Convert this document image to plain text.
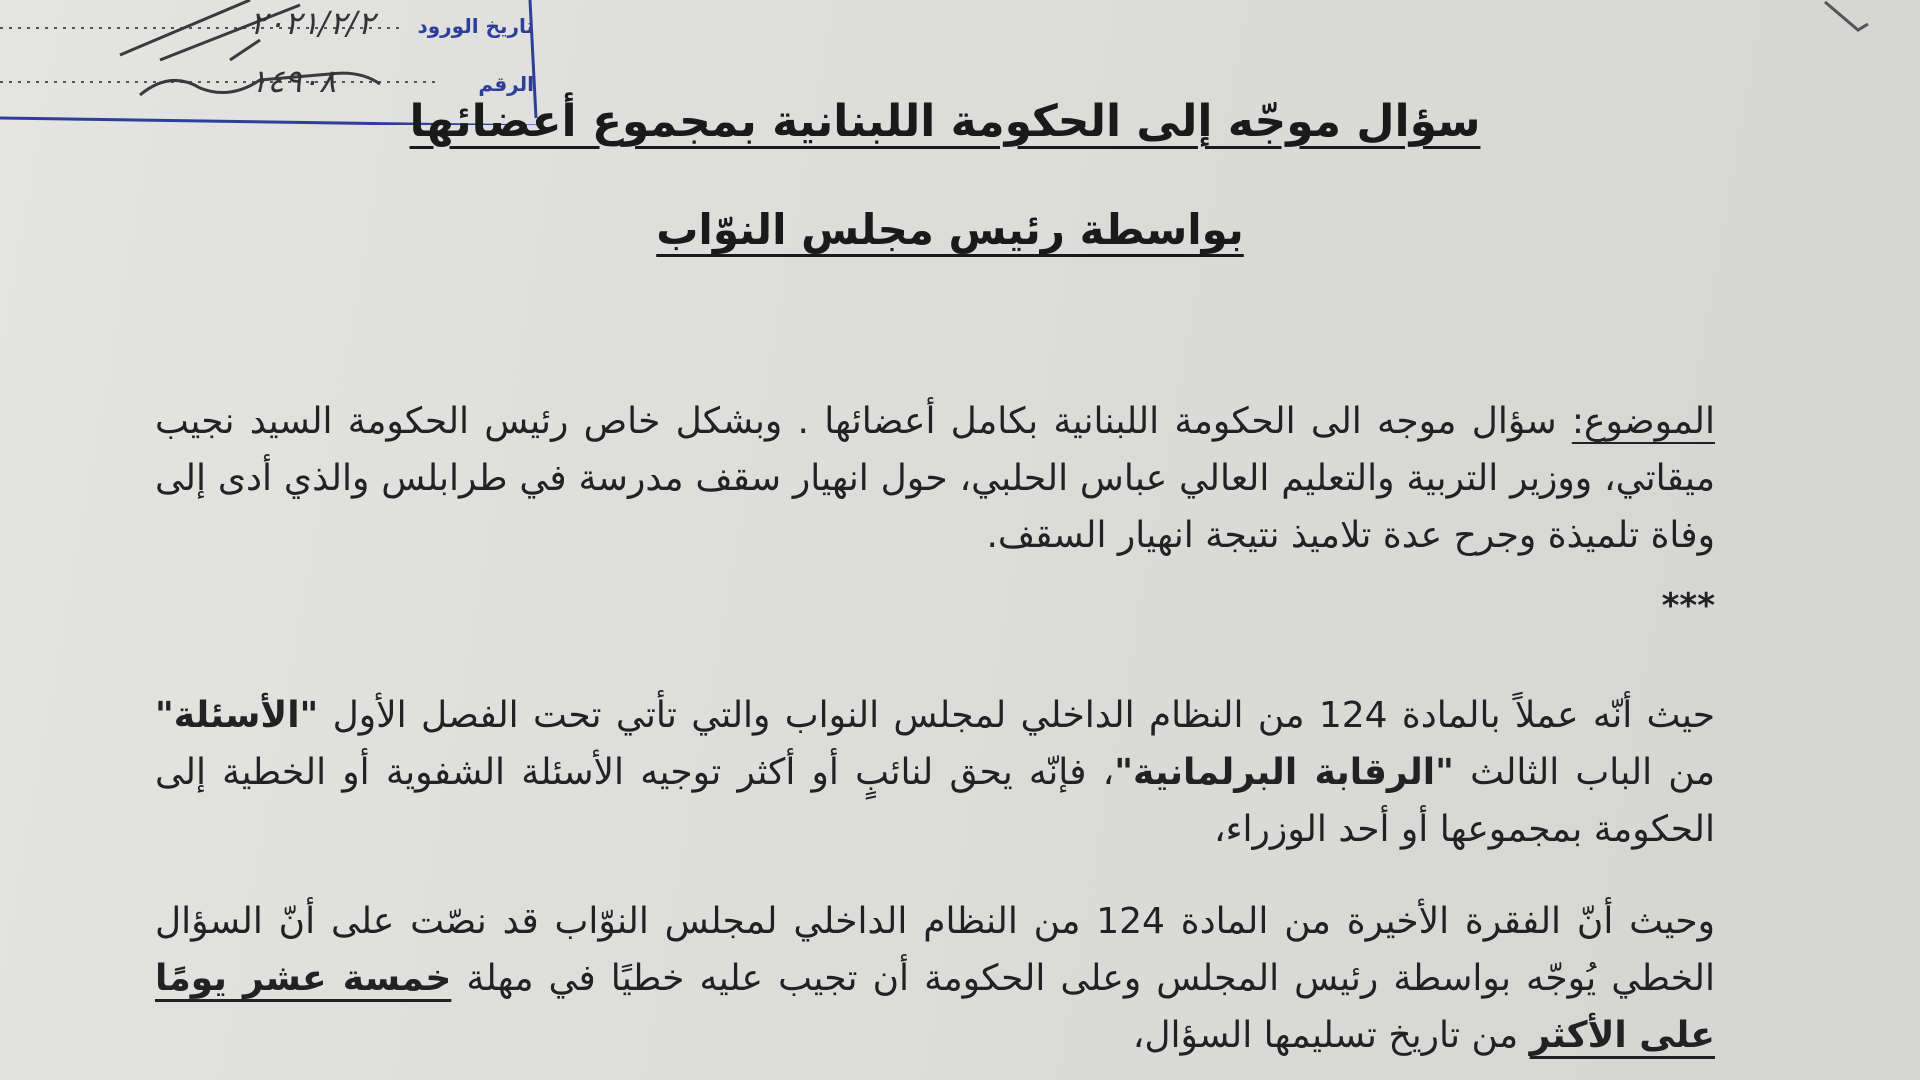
تاريخ الورود
الرقم
٢٠٢١/٢/٢
١٤٩٠٨
سؤال موجّه إلى الحكومة اللبنانية بمجموع أعضائها
بواسطة رئيس مجلس النوّاب
الموضوع: سؤال موجه الى الحكومة اللبنانية بكامل أعضائها . وبشكل خاص رئيس الحكومة السيد نجيب ميقاتي، ووزير التربية والتعليم العالي عباس الحلبي، حول انهيار سقف مدرسة في طرابلس والذي أدى إلى وفاة تلميذة وجرح عدة تلاميذ نتيجة انهيار السقف.
***
حيث أنّه عملاً بالمادة 124 من النظام الداخلي لمجلس النواب والتي تأتي تحت الفصل الأول "الأسئلة" من الباب الثالث "الرقابة البرلمانية"، فإنّه يحق لنائبٍ أو أكثر توجيه الأسئلة الشفوية أو الخطية إلى الحكومة بمجموعها أو أحد الوزراء،
وحيث أنّ الفقرة الأخيرة من المادة 124 من النظام الداخلي لمجلس النوّاب قد نصّت على أنّ السؤال الخطي يُوجّه بواسطة رئيس المجلس وعلى الحكومة أن تجيب عليه خطيًا في مهلة خمسة عشر يومًا على الأكثر من تاريخ تسليمها السؤال،
